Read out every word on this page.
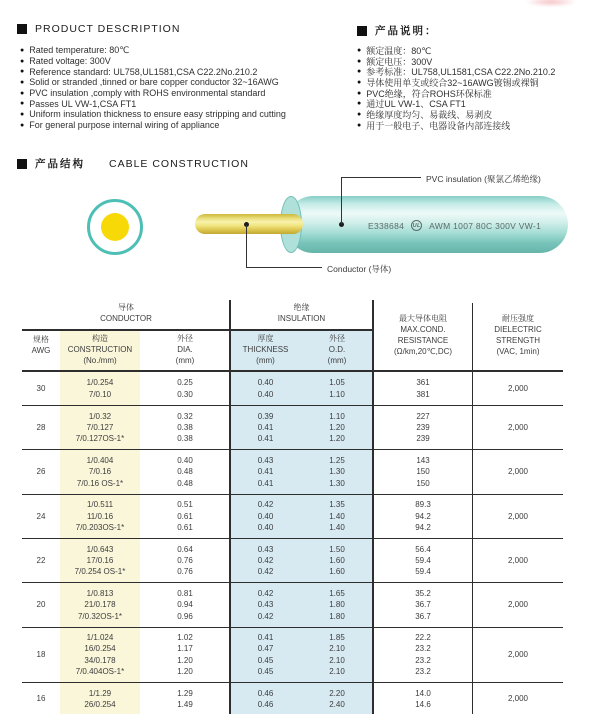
PRODUCT DESCRIPTION	产品说明：
● Rated temperature: 80℃
● Rated voltage: 300V
● Reference standard: UL758,UL1581,CSA C22.2No.210.2
● Solid or stranded ,tinned or bare copper conductor 32~16AWG
● PVC insulation ,comply with ROHS environmental standard
● Passes UL VW-1,CSA FT1
● Uniform insulation thickness to ensure easy stripping and cutting
● For general purpose internal wiring of appliance
● 额定温度：80℃
● 额定电压：300V
● 参考标准：UL758,UL1581,CSA C22.2No.210.2
● 导体使用单支或绞合32~16AWG镀锡或裸铜
● PVC绝缘，符合ROHS环保标准
● 通过UL VW-1、CSA FT1
● 绝缘厚度均匀、易裁线、易剥皮
● 用于一般电子、电器设备内部连接线
产品结构 CABLE CONSTRUCTION
E338684 UL AWM 1007 80C 300V VW-1
PVC insulation (聚氯乙烯绝缘)
Conductor (导体)
导体
CONDUCTOR
绝缘
INSULATION
规格
AWG
构造
CONSTRUCTION
(No./mm)
外径
DIA.
(mm)
厚度
THICKNESS
(mm)
外径
O.D.
(mm)
最大导体电阻
MAX.COND.
RESISTANCE
(Ω/km,20℃,DC)
耐压强度
DIELECTRIC
STRENGTH
(VAC, 1min)
30
1/0.254
7/0.10
0.25
0.30
0.40
0.40
1.05
1.10
361
381
2,000
28
1/0.32
7/0.127
7/0.127OS-1*
0.32
0.38
0.38
0.39
0.41
0.41
1.10
1.20
1.20
227
239
239
2,000
26
1/0.404
7/0.16
7/0.16 OS-1*
0.40
0.48
0.48
0.43
0.41
0.41
1.25
1.30
1.30
143
150
150
2,000
24
1/0.511
11/0.16
7/0.203OS-1*
0.51
0.61
0.61
0.42
0.40
0.40
1.35
1.40
1.40
89.3
94.2
94.2
2,000
22
1/0.643
17/0.16
7/0.254 OS-1*
0.64
0.76
0.76
0.43
0.42
0.42
1.50
1.60
1.60
56.4
59.4
59.4
2,000
20
1/0.813
21/0.178
7/0.32OS-1*
0.81
0.94
0.96
0.42
0.43
0.42
1.65
1.80
1.80
35.2
36.7
36.7
2,000
18
1/1.024
16/0.254
34/0.178
7/0.404OS-1*
1.02
1.17
1.20
1.20
0.41
0.47
0.45
0.45
1.85
2.10
2.10
2.10
22.2
23.2
23.2
23.2
2,000
16
1/1.29
26/0.254
1.29
1.49
0.46
0.46
2.20
2.40
14.0
14.6
2,000
